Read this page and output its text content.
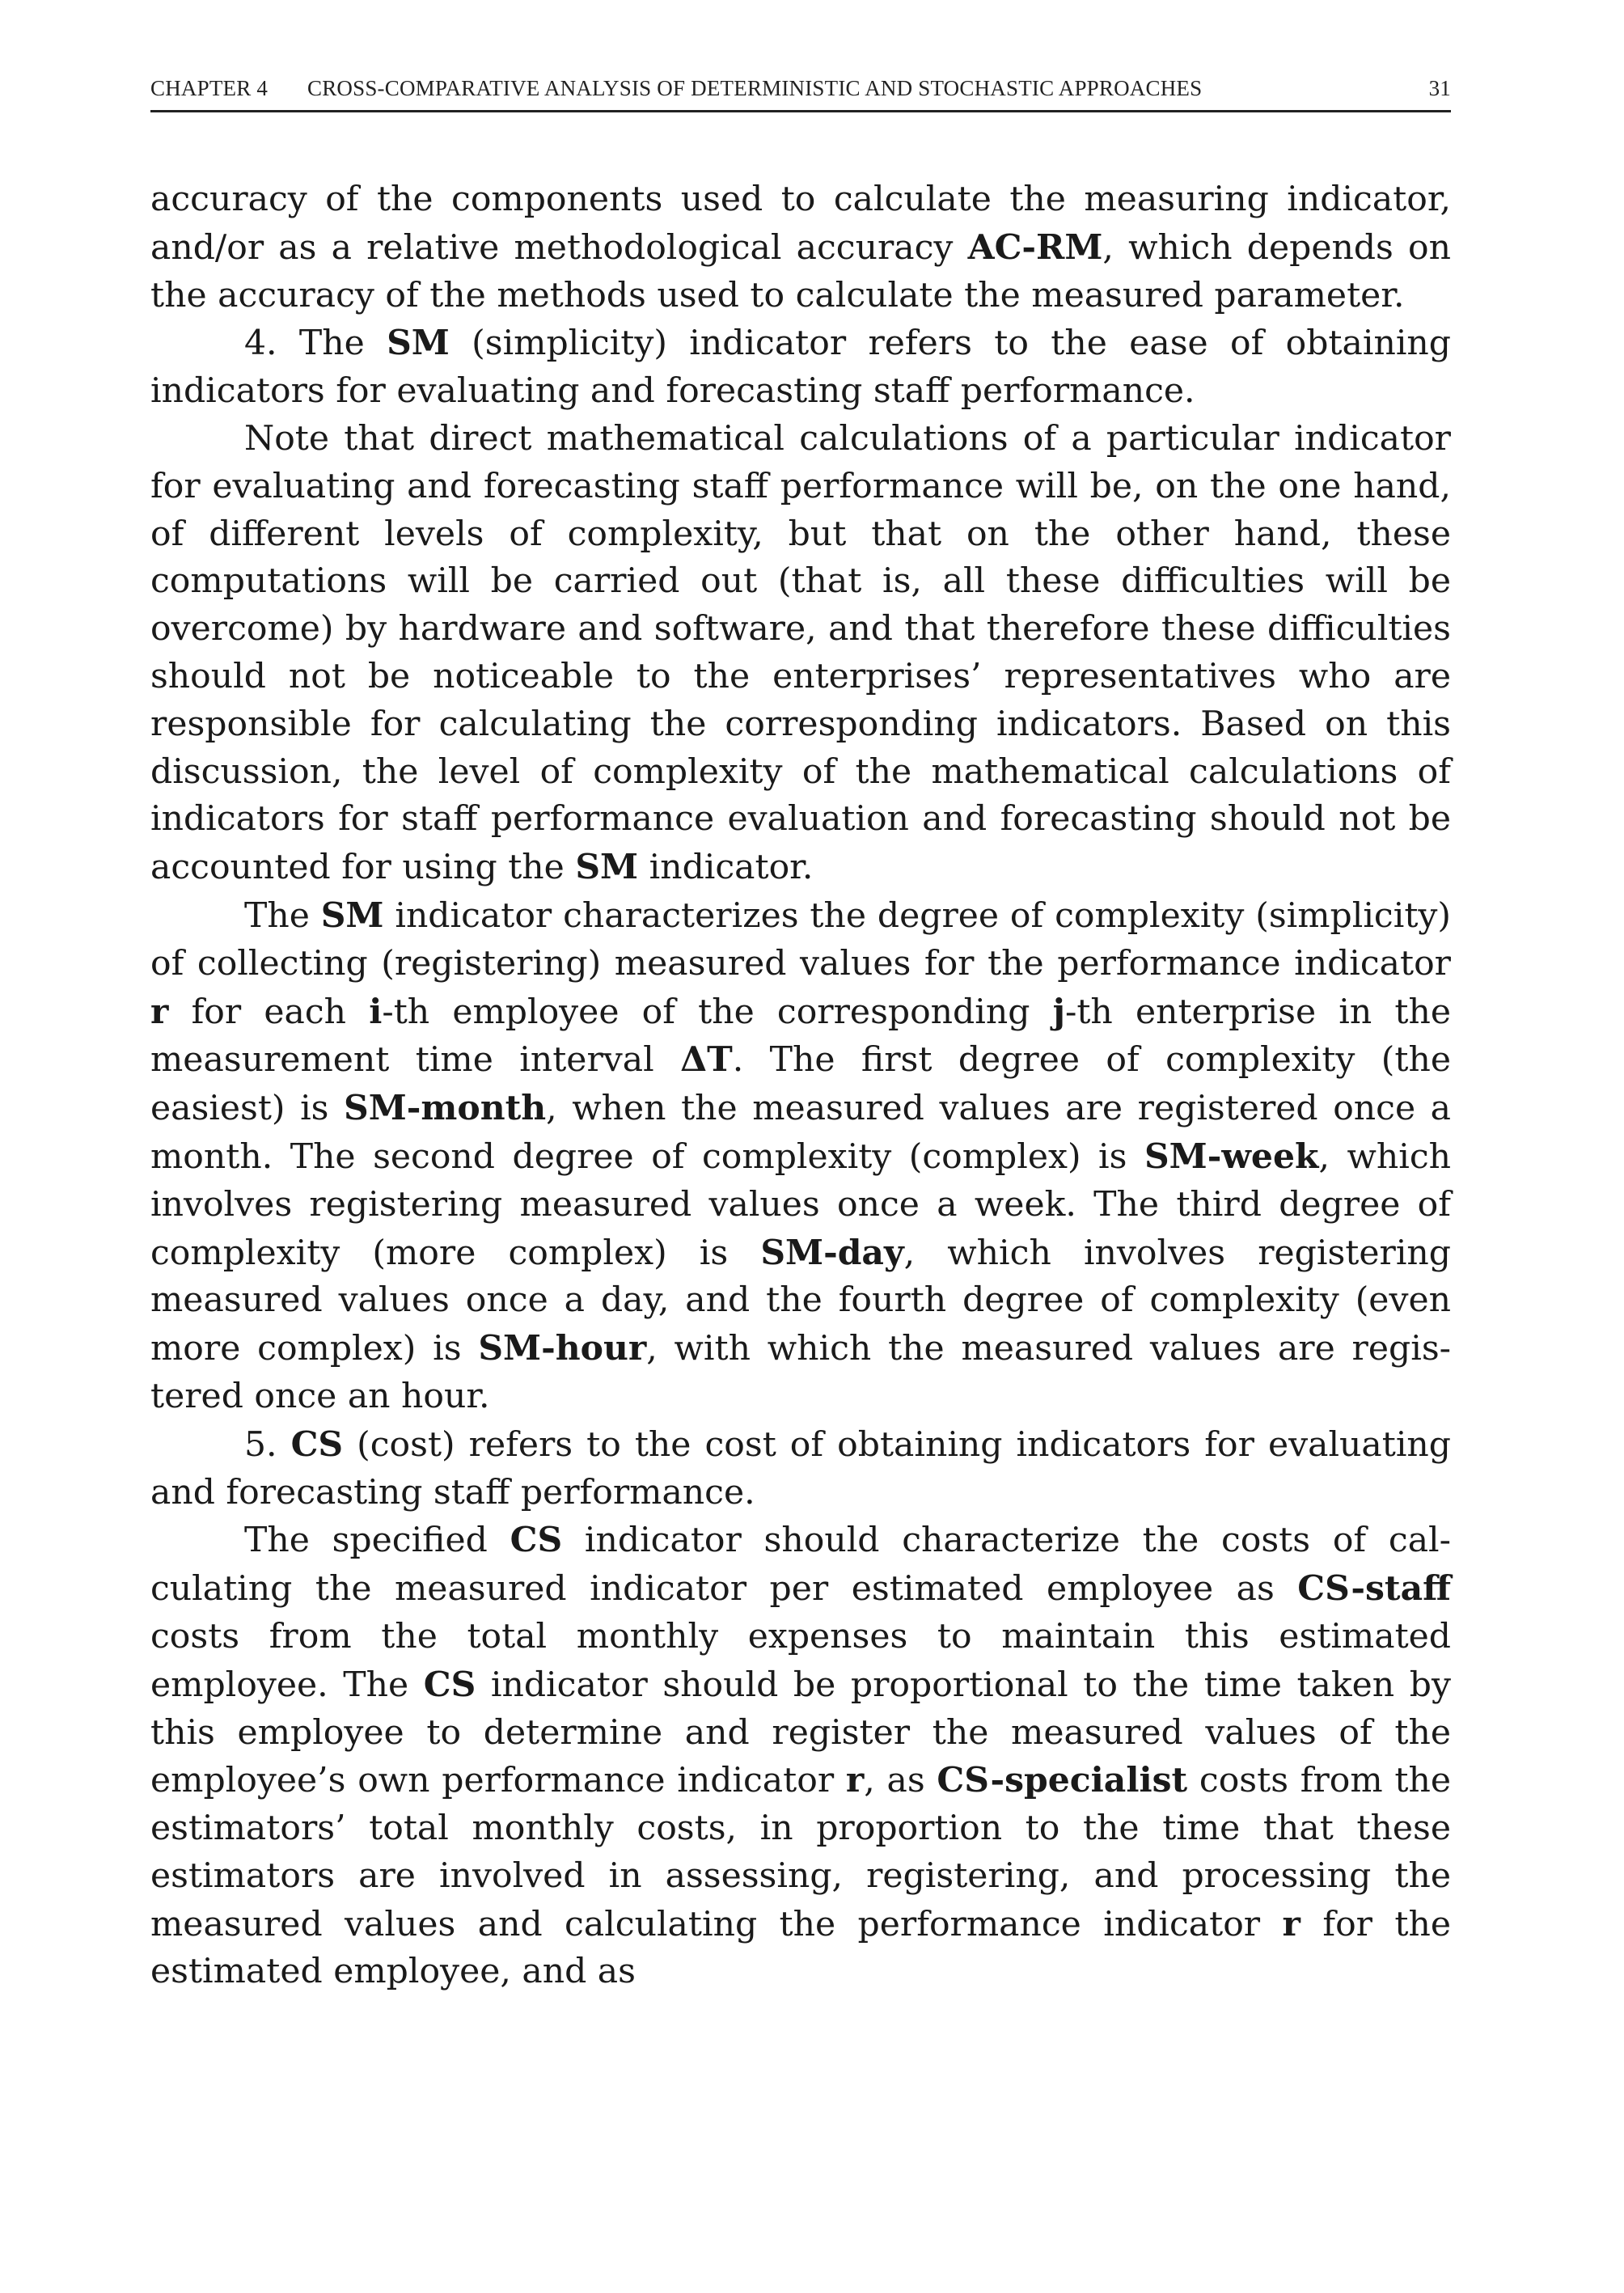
CHAPTER 4 CROSS-COMPARATIVE ANALYSIS OF DETERMINISTIC AND STOCHASTIC APPROACHES	31

accuracy of the components used to calculate the measuring indicator, and/or as a relative methodological accuracy AC-RM, which depends on the accuracy of the methods used to calculate the measured parameter.

4. The SM (simplicity) indicator refers to the ease of obtaining indicators for evaluating and forecasting staff performance.

Note that direct mathematical calculations of a particular indicator for evaluating and forecasting staff performance will be, on the one hand, of different levels of complexity, but that on the other hand, these computations will be carried out (that is, all these difficulties will be overcome) by hardware and software, and that therefore these difficulties should not be noticeable to the enterprises’ representatives who are responsible for calculating the corresponding indicators. Based on this discussion, the level of complexity of the mathematical calculations of indicators for staff performance evaluation and forecasting should not be accounted for using the SM indicator.

The SM indicator characterizes the degree of complexity (simplicity) of collecting (registering) measured values for the performance indicator r for each i-th employee of the corresponding j-th enterprise in the measurement time interval ΔT. The first degree of complexity (the easiest) is SM-month, when the measured values are registered once a month. The second degree of complexity (complex) is SM-week, which involves registering measured values once a week. The third degree of complexity (more complex) is SM-day, which involves registering measured values once a day, and the fourth degree of complexity (even more complex) is SM-hour, with which the measured values are registered once an hour.

5. CS (cost) refers to the cost of obtaining indicators for evaluating and forecasting staff performance.

The specified CS indicator should characterize the costs of calculating the measured indicator per estimated employee as CS-staff costs from the total monthly expenses to maintain this estimated employee. The CS indicator should be proportional to the time taken by this employee to determine and register the measured values of the employee’s own performance indicator r, as CS-specialist costs from the estimators’ total monthly costs, in proportion to the time that these estimators are involved in assessing, registering, and processing the measured values and calculating the performance indicator r for the estimated employee, and as
